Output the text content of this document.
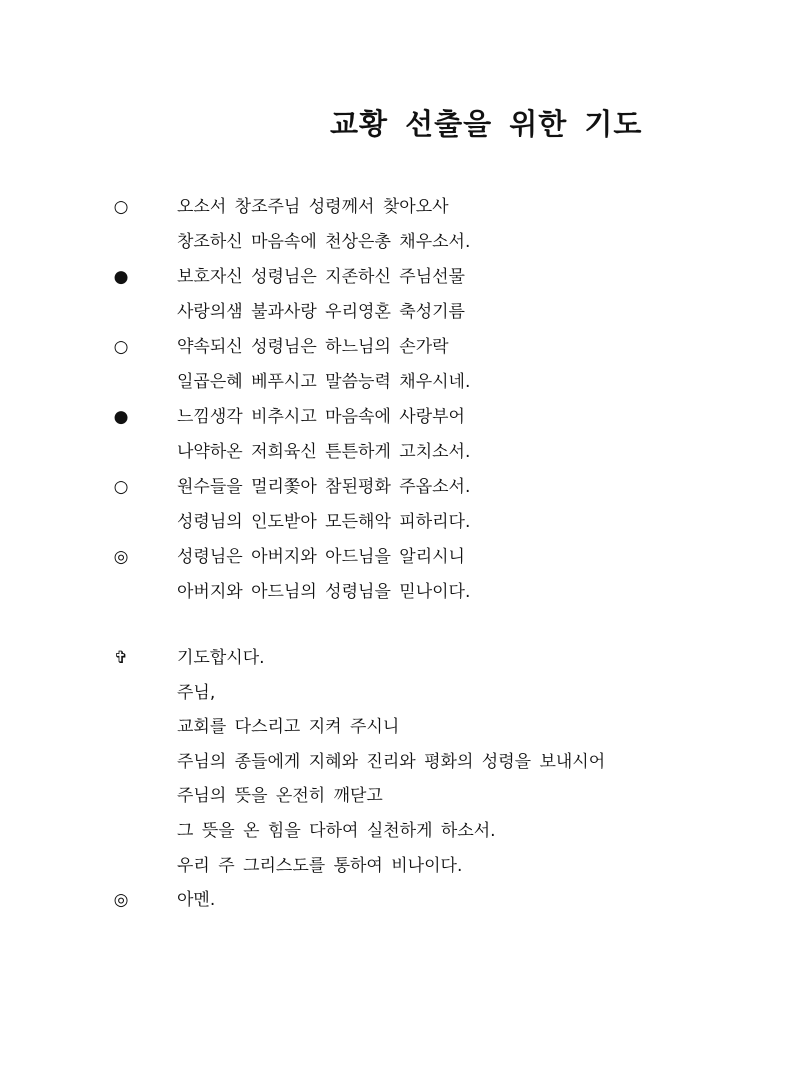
교황 선출을 위한 기도
○	오소서 창조주님 성령께서 찾아오사
창조하신 마음속에 천상은총 채우소서.
●	보호자신 성령님은 지존하신 주님선물
사랑의샘 불과사랑 우리영혼 축성기름
○	약속되신 성령님은 하느님의 손가락
일곱은혜 베푸시고 말씀능력 채우시네.
●	느낌생각 비추시고 마음속에 사랑부어
나약하온 저희육신 튼튼하게 고치소서.
○	원수들을 멀리쫓아 참된평화 주옵소서.
성령님의 인도받아 모든해악 피하리다.
◎	성령님은 아버지와 아드님을 알리시니
아버지와 아드님의 성령님을 믿나이다.
✞	기도합시다.
주님,
교회를 다스리고 지켜 주시니
주님의 종들에게 지혜와 진리와 평화의 성령을 보내시어
주님의 뜻을 온전히 깨닫고
그 뜻을 온 힘을 다하여 실천하게 하소서.
우리 주 그리스도를 통하여 비나이다.
◎	아멘.
